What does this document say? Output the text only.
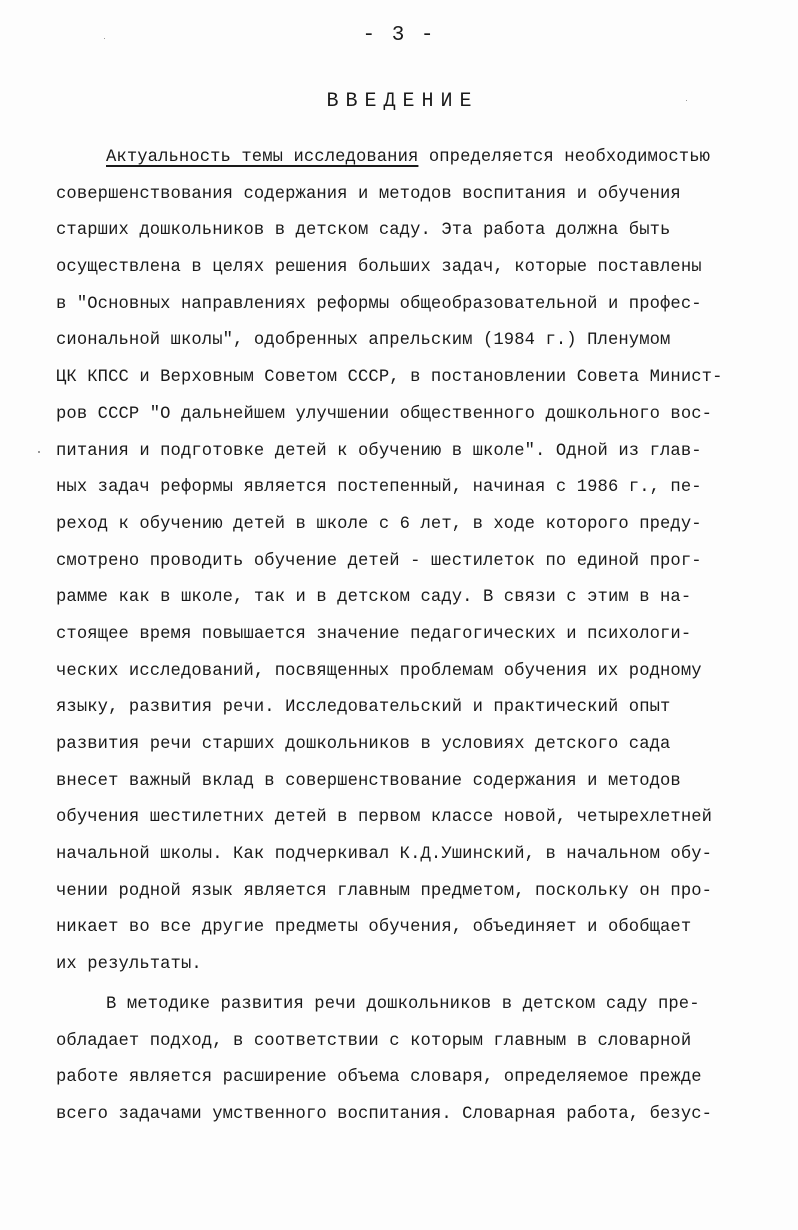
- 3 -
ВВЕДЕНИЕ
Актуальность темы исследования определяется необходимостью
совершенствования содержания и методов воспитания и обучения
старших дошкольников в детском саду. Эта работа должна быть
осуществлена в целях решения больших задач, которые поставлены
в "Основных направлениях реформы общеобразовательной и профес-
сиональной школы", одобренных апрельским (1984 г.) Пленумом
ЦК КПСС и Верховным Советом СССР, в постановлении Совета Минист-
ров СССР "О дальнейшем улучшении общественного дошкольного вос-
питания и подготовке детей к обучению в школе". Одной из глав-
ных задач реформы является постепенный, начиная с 1986 г., пе-
реход к обучению детей в школе с 6 лет, в ходе которого преду-
смотрено проводить обучение детей - шестилеток по единой прог-
рамме как в школе, так и в детском саду. В связи с этим в на-
стоящее время повышается значение педагогических и психологи-
ческих исследований, посвященных проблемам обучения их родному
языку, развития речи. Исследовательский и практический опыт
развития речи старших дошкольников в условиях детского сада
внесет важный вклад в совершенствование содержания и методов
обучения шестилетних детей в первом классе новой, четырехлетней
начальной школы. Как подчеркивал К.Д.Ушинский, в начальном обу-
чении родной язык является главным предметом, поскольку он про-
никает во все другие предметы обучения, объединяет и обобщает
их результаты.
В методике развития речи дошкольников в детском саду пре-
обладает подход, в соответствии с которым главным в словарной
работе является расширение объема словаря, определяемое прежде
всего задачами умственного воспитания. Словарная работа, безус-
